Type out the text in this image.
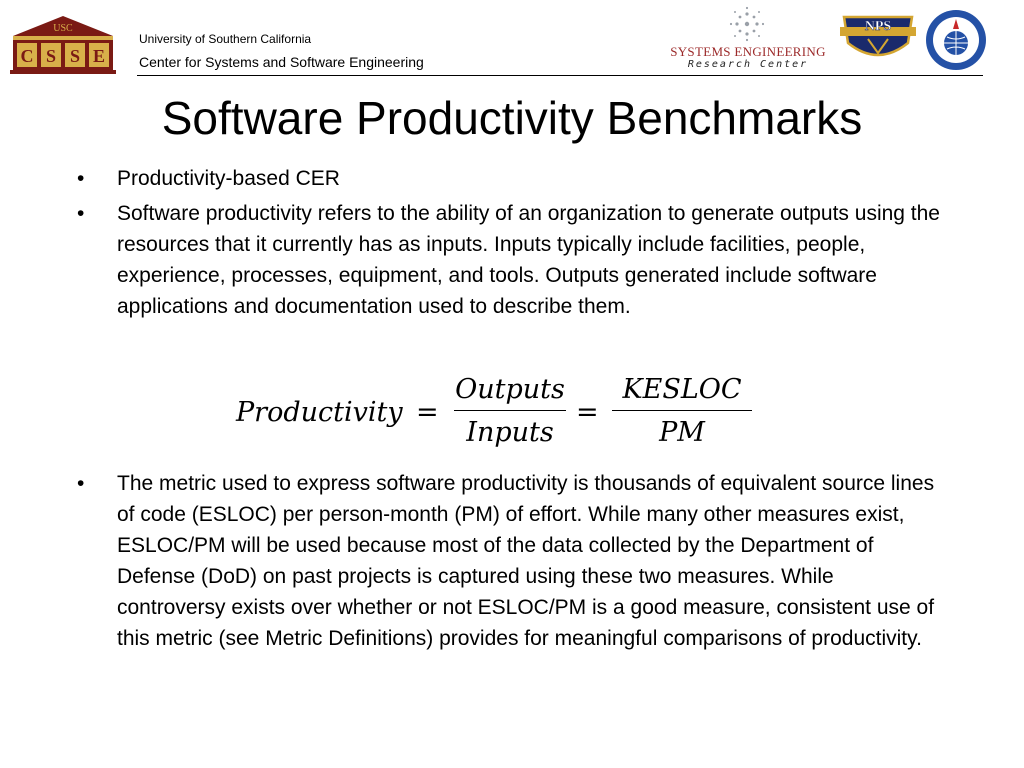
USC
C S S E
University of Southern California
Center for Systems and Software Engineering
SYSTEMS ENGINEERING
Research Center
NPS
Software Productivity Benchmarks
• Productivity-based CER
• Software productivity refers to the ability of an organization to generate outputs using the resources that it currently has as inputs. Inputs typically include facilities, people, experience, processes, equipment, and tools. Outputs generated include software applications and documentation used to describe them.
Productivity =
Outputs
Inputs
=
KESLOC
PM
• The metric used to express software productivity is thousands of equivalent source lines of code (ESLOC) per person-month (PM) of effort. While many other measures exist, ESLOC/PM will be used because most of the data collected by the Department of Defense (DoD) on past projects is captured using these two measures. While controversy exists over whether or not ESLOC/PM is a good measure, consistent use of this metric (see Metric Definitions) provides for meaningful comparisons of productivity.
